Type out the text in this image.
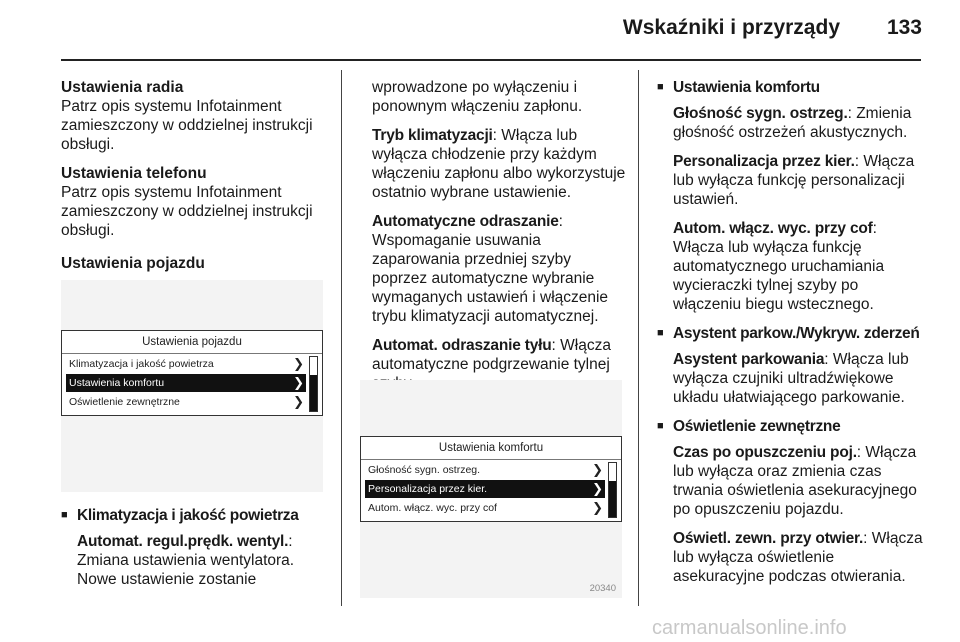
Wskaźniki i przyrządy 133

Ustawienia radia
Patrz opis systemu Infotainment zamieszczony w oddzielnej instrukcji obsługi.

Ustawienia telefonu
Patrz opis systemu Infotainment zamieszczony w oddzielnej instrukcji obsługi.

Ustawienia pojazdu

Ustawienia pojazdu
Klimatyzacja i jakość powietrza	❯
Ustawienia komfortu	❯
Oświetlenie zewnętrzne	❯
■ Klimatyzacja i jakość powietrza

Automat. regul.prędk. wentyl.:
Zmiana ustawienia wentylatora. Nowe ustawienie zostanie

wprowadzone po wyłączeniu i ponownym włączeniu zapłonu.

Tryb klimatyzacji: Włącza lub wyłącza chłodzenie przy każdym włączeniu zapłonu albo wykorzystuje ostatnio wybrane ustawienie.

Automatyczne odraszanie:
Wspomaganie usuwania zaparowania przedniej szyby poprzez automatyczne wybranie wymaganych ustawień i włączenie trybu klimatyzacji automatycznej.

Automat. odraszanie tyłu: Włącza automatyczne podgrzewanie tylnej

Ustawienia komfortu
Głośność sygn. ostrzeg.	❯
Personalizacja przez kier.	❯
Autom. włącz. wyc. przy cof	❯
20340
■ Ustawienia komfortu

Głośność sygn. ostrzeg.: Zmienia głośność ostrzeżeń akustycznych.

Personalizacja przez kier.: Włącza lub wyłącza funkcję personalizacji ustawień.

Autom. włącz. wyc. przy cof:
Włącza lub wyłącza funkcję automatycznego uruchamiania wycieraczki tylnej szyby po włączeniu biegu wstecznego.

■ Asystent parkow./Wykryw. zderzeń

Asystent parkowania: Włącza lub wyłącza czujniki ultradźwiękowe układu ułatwiającego parkowanie.

■ Oświetlenie zewnętrzne

Czas po opuszczeniu poj.: Włącza lub wyłącza oraz zmienia czas trwania oświetlenia asekuracyjnego po opuszczeniu pojazdu.

Oświetl. zewn. przy otwier.: Włącza lub wyłącza oświetlenie asekuracyjne podczas otwierania.

carmanualsonline.info
